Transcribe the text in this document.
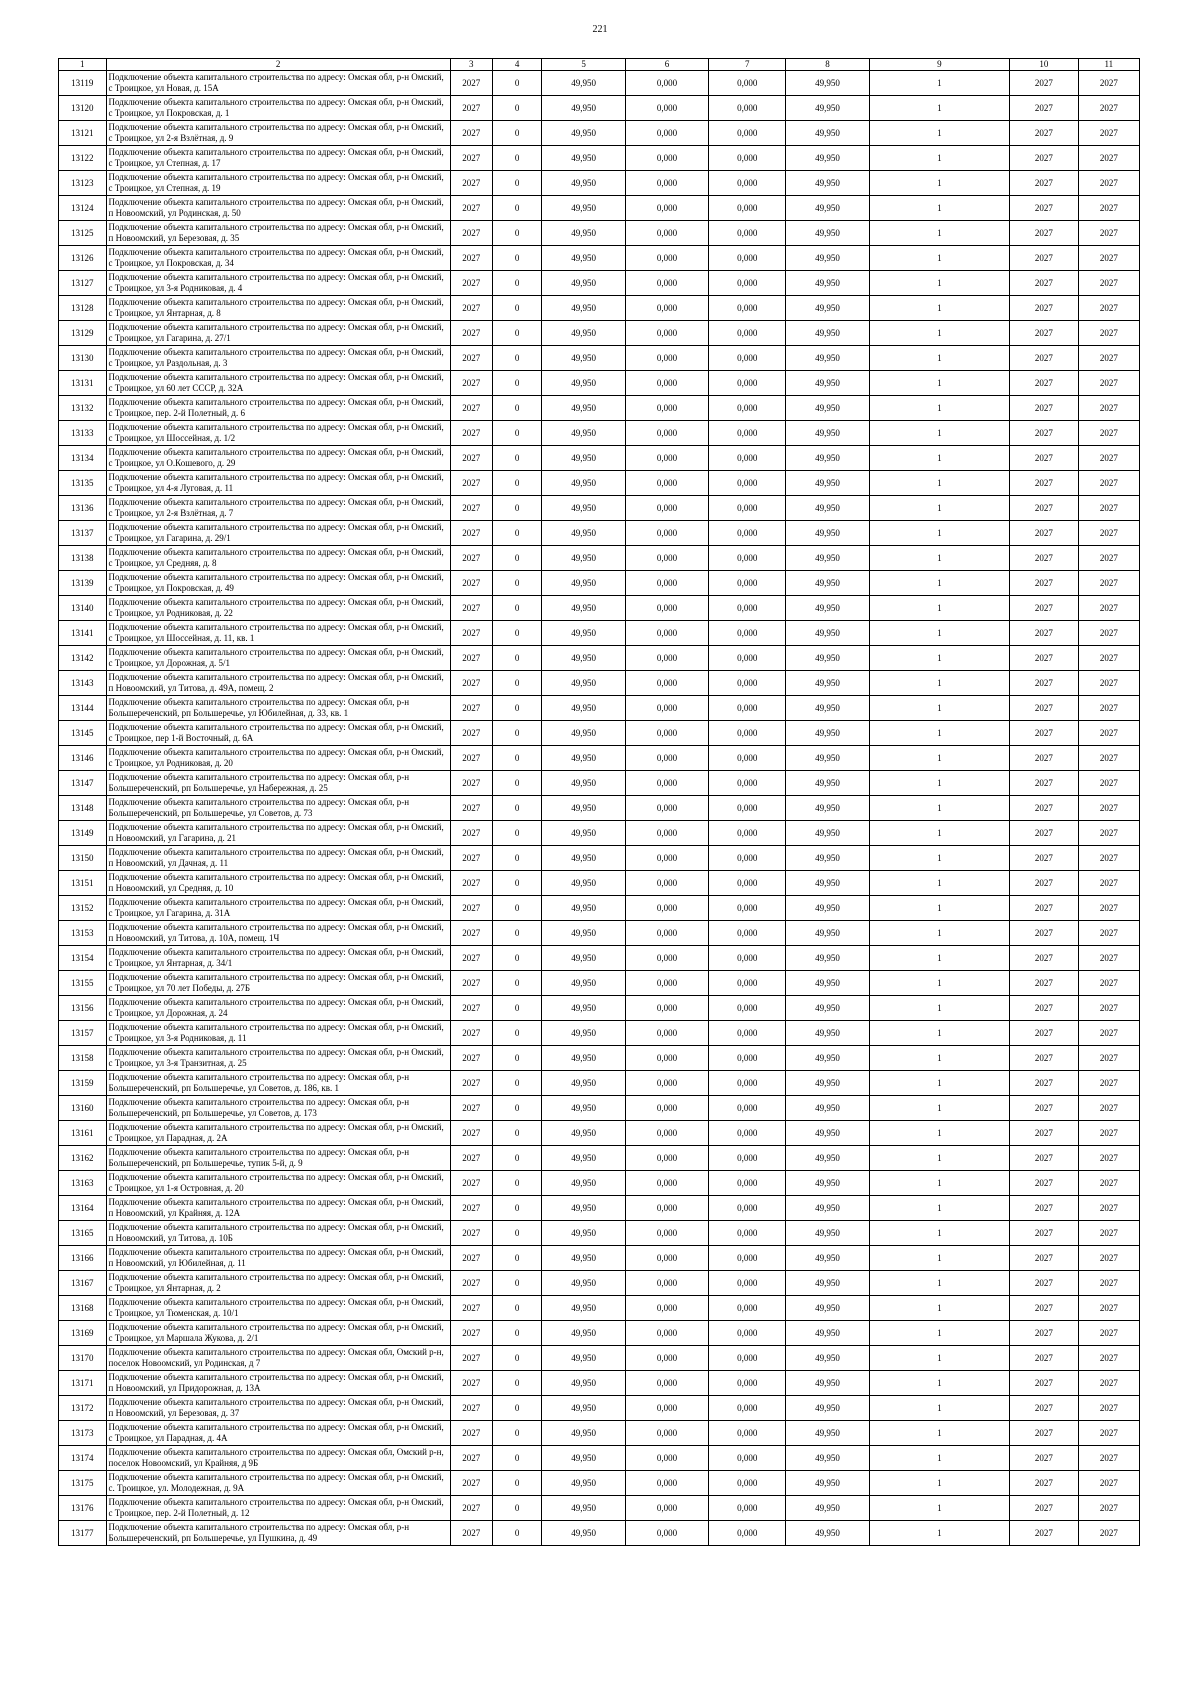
221
1	2	3	4	5	6	7	8	9	10	11
13119	Подключение объекта капитального строительства по адресу: Омская обл, р-н Омский, с Троицкое, ул Новая, д. 15А	2027	0	49,950	0,000	0,000	49,950	1	2027	2027
13120	Подключение объекта капитального строительства по адресу: Омская обл, р-н Омский, с Троицкое, ул Покровская, д. 1	2027	0	49,950	0,000	0,000	49,950	1	2027	2027
13121	Подключение объекта капитального строительства по адресу: Омская обл, р-н Омский, с Троицкое, ул 2-я Взлётная, д. 9	2027	0	49,950	0,000	0,000	49,950	1	2027	2027
13122	Подключение объекта капитального строительства по адресу: Омская обл, р-н Омский, с Троицкое, ул Степная, д. 17	2027	0	49,950	0,000	0,000	49,950	1	2027	2027
13123	Подключение объекта капитального строительства по адресу: Омская обл, р-н Омский, с Троицкое, ул Степная, д. 19	2027	0	49,950	0,000	0,000	49,950	1	2027	2027
13124	Подключение объекта капитального строительства по адресу: Омская обл, р-н Омский, п Новоомский, ул Родинская, д. 50	2027	0	49,950	0,000	0,000	49,950	1	2027	2027
13125	Подключение объекта капитального строительства по адресу: Омская обл, р-н Омский, п Новоомский, ул Березовая, д. 35	2027	0	49,950	0,000	0,000	49,950	1	2027	2027
13126	Подключение объекта капитального строительства по адресу: Омская обл, р-н Омский, с Троицкое, ул Покровская, д. 34	2027	0	49,950	0,000	0,000	49,950	1	2027	2027
13127	Подключение объекта капитального строительства по адресу: Омская обл, р-н Омский, с Троицкое, ул 3-я Родниковая, д. 4	2027	0	49,950	0,000	0,000	49,950	1	2027	2027
13128	Подключение объекта капитального строительства по адресу: Омская обл, р-н Омский, с Троицкое, ул Янтарная, д. 8	2027	0	49,950	0,000	0,000	49,950	1	2027	2027
13129	Подключение объекта капитального строительства по адресу: Омская обл, р-н Омский, с Троицкое, ул Гагарина, д. 27/1	2027	0	49,950	0,000	0,000	49,950	1	2027	2027
13130	Подключение объекта капитального строительства по адресу: Омская обл, р-н Омский, с Троицкое, ул Раздольная, д. 3	2027	0	49,950	0,000	0,000	49,950	1	2027	2027
13131	Подключение объекта капитального строительства по адресу: Омская обл, р-н Омский, с Троицкое, ул 60 лет СССР, д. 32А	2027	0	49,950	0,000	0,000	49,950	1	2027	2027
13132	Подключение объекта капитального строительства по адресу: Омская обл, р-н Омский, с Троицкое, пер. 2-й Полетный, д. 6	2027	0	49,950	0,000	0,000	49,950	1	2027	2027
13133	Подключение объекта капитального строительства по адресу: Омская обл, р-н Омский, с Троицкое, ул Шоссейная, д. 1/2	2027	0	49,950	0,000	0,000	49,950	1	2027	2027
13134	Подключение объекта капитального строительства по адресу: Омская обл, р-н Омский, с Троицкое, ул О.Кошевого, д. 29	2027	0	49,950	0,000	0,000	49,950	1	2027	2027
13135	Подключение объекта капитального строительства по адресу: Омская обл, р-н Омский, с Троицкое, ул 4-я Луговая, д. 11	2027	0	49,950	0,000	0,000	49,950	1	2027	2027
13136	Подключение объекта капитального строительства по адресу: Омская обл, р-н Омский, с Троицкое, ул 2-я Взлётная, д. 7	2027	0	49,950	0,000	0,000	49,950	1	2027	2027
13137	Подключение объекта капитального строительства по адресу: Омская обл, р-н Омский, с Троицкое, ул Гагарина, д. 29/1	2027	0	49,950	0,000	0,000	49,950	1	2027	2027
13138	Подключение объекта капитального строительства по адресу: Омская обл, р-н Омский, с Троицкое, ул Средняя, д. 8	2027	0	49,950	0,000	0,000	49,950	1	2027	2027
13139	Подключение объекта капитального строительства по адресу: Омская обл, р-н Омский, с Троицкое, ул Покровская, д. 49	2027	0	49,950	0,000	0,000	49,950	1	2027	2027
13140	Подключение объекта капитального строительства по адресу: Омская обл, р-н Омский, с Троицкое, ул Родниковая, д. 22	2027	0	49,950	0,000	0,000	49,950	1	2027	2027
13141	Подключение объекта капитального строительства по адресу: Омская обл, р-н Омский, с Троицкое, ул Шоссейная, д. 11, кв. 1	2027	0	49,950	0,000	0,000	49,950	1	2027	2027
13142	Подключение объекта капитального строительства по адресу: Омская обл, р-н Омский, с Троицкое, ул Дорожная, д. 5/1	2027	0	49,950	0,000	0,000	49,950	1	2027	2027
13143	Подключение объекта капитального строительства по адресу: Омская обл, р-н Омский, п Новоомский, ул Титова, д. 49А, помещ. 2	2027	0	49,950	0,000	0,000	49,950	1	2027	2027
13144	Подключение объекта капитального строительства по адресу: Омская обл, р-н Большереченский, рп Большеречье, ул Юбилейная, д. 33, кв. 1	2027	0	49,950	0,000	0,000	49,950	1	2027	2027
13145	Подключение объекта капитального строительства по адресу: Омская обл, р-н Омский, с Троицкое, пер 1-й Восточный, д. 6А	2027	0	49,950	0,000	0,000	49,950	1	2027	2027
13146	Подключение объекта капитального строительства по адресу: Омская обл, р-н Омский, с Троицкое, ул Родниковая, д. 20	2027	0	49,950	0,000	0,000	49,950	1	2027	2027
13147	Подключение объекта капитального строительства по адресу: Омская обл, р-н Большереченский, рп Большеречье, ул Набережная, д. 25	2027	0	49,950	0,000	0,000	49,950	1	2027	2027
13148	Подключение объекта капитального строительства по адресу: Омская обл, р-н Большереченский, рп Большеречье, ул Советов, д. 73	2027	0	49,950	0,000	0,000	49,950	1	2027	2027
13149	Подключение объекта капитального строительства по адресу: Омская обл, р-н Омский, п Новоомский, ул Гагарина, д. 21	2027	0	49,950	0,000	0,000	49,950	1	2027	2027
13150	Подключение объекта капитального строительства по адресу: Омская обл, р-н Омский, п Новоомский, ул Дачная, д. 11	2027	0	49,950	0,000	0,000	49,950	1	2027	2027
13151	Подключение объекта капитального строительства по адресу: Омская обл, р-н Омский, п Новоомский, ул Средняя, д. 10	2027	0	49,950	0,000	0,000	49,950	1	2027	2027
13152	Подключение объекта капитального строительства по адресу: Омская обл, р-н Омский, с Троицкое, ул Гагарина, д. 31А	2027	0	49,950	0,000	0,000	49,950	1	2027	2027
13153	Подключение объекта капитального строительства по адресу: Омская обл, р-н Омский, п Новоомский, ул Титова, д. 10А, помещ. 1Ч	2027	0	49,950	0,000	0,000	49,950	1	2027	2027
13154	Подключение объекта капитального строительства по адресу: Омская обл, р-н Омский, с Троицкое, ул Янтарная, д. 34/1	2027	0	49,950	0,000	0,000	49,950	1	2027	2027
13155	Подключение объекта капитального строительства по адресу: Омская обл, р-н Омский, с Троицкое, ул 70 лет Победы, д. 27Б	2027	0	49,950	0,000	0,000	49,950	1	2027	2027
13156	Подключение объекта капитального строительства по адресу: Омская обл, р-н Омский, с Троицкое, ул Дорожная, д. 24	2027	0	49,950	0,000	0,000	49,950	1	2027	2027
13157	Подключение объекта капитального строительства по адресу: Омская обл, р-н Омский, с Троицкое, ул 3-я Родниковая, д. 11	2027	0	49,950	0,000	0,000	49,950	1	2027	2027
13158	Подключение объекта капитального строительства по адресу: Омская обл, р-н Омский, с Троицкое, ул 3-я Транзитная, д. 25	2027	0	49,950	0,000	0,000	49,950	1	2027	2027
13159	Подключение объекта капитального строительства по адресу: Омская обл, р-н Большереченский, рп Большеречье, ул Советов, д. 186, кв. 1	2027	0	49,950	0,000	0,000	49,950	1	2027	2027
13160	Подключение объекта капитального строительства по адресу: Омская обл, р-н Большереченский, рп Большеречье, ул Советов, д. 173	2027	0	49,950	0,000	0,000	49,950	1	2027	2027
13161	Подключение объекта капитального строительства по адресу: Омская обл, р-н Омский, с Троицкое, ул Парадная, д. 2А	2027	0	49,950	0,000	0,000	49,950	1	2027	2027
13162	Подключение объекта капитального строительства по адресу: Омская обл, р-н Большереченский, рп Большеречье, тупик 5-й, д. 9	2027	0	49,950	0,000	0,000	49,950	1	2027	2027
13163	Подключение объекта капитального строительства по адресу: Омская обл, р-н Омский, с Троицкое, ул 1-я Островная, д. 20	2027	0	49,950	0,000	0,000	49,950	1	2027	2027
13164	Подключение объекта капитального строительства по адресу: Омская обл, р-н Омский, п Новоомский, ул Крайняя, д. 12А	2027	0	49,950	0,000	0,000	49,950	1	2027	2027
13165	Подключение объекта капитального строительства по адресу: Омская обл, р-н Омский, п Новоомский, ул Титова, д. 10Б	2027	0	49,950	0,000	0,000	49,950	1	2027	2027
13166	Подключение объекта капитального строительства по адресу: Омская обл, р-н Омский, п Новоомский, ул Юбилейная, д. 11	2027	0	49,950	0,000	0,000	49,950	1	2027	2027
13167	Подключение объекта капитального строительства по адресу: Омская обл, р-н Омский, с Троицкое, ул Янтарная, д. 2	2027	0	49,950	0,000	0,000	49,950	1	2027	2027
13168	Подключение объекта капитального строительства по адресу: Омская обл, р-н Омский, с Троицкое, ул Тюменская, д. 10/1	2027	0	49,950	0,000	0,000	49,950	1	2027	2027
13169	Подключение объекта капитального строительства по адресу: Омская обл, р-н Омский, с Троицкое, ул Маршала Жукова, д. 2/1	2027	0	49,950	0,000	0,000	49,950	1	2027	2027
13170	Подключение объекта капитального строительства по адресу: Омская обл, Омский р-н, поселок Новоомский, ул Родинская, д 7	2027	0	49,950	0,000	0,000	49,950	1	2027	2027
13171	Подключение объекта капитального строительства по адресу: Омская обл, р-н Омский, п Новоомский, ул Придорожная, д. 13А	2027	0	49,950	0,000	0,000	49,950	1	2027	2027
13172	Подключение объекта капитального строительства по адресу: Омская обл, р-н Омский, п Новоомский, ул Березовая, д. 37	2027	0	49,950	0,000	0,000	49,950	1	2027	2027
13173	Подключение объекта капитального строительства по адресу: Омская обл, р-н Омский, с Троицкое, ул Парадная, д. 4А	2027	0	49,950	0,000	0,000	49,950	1	2027	2027
13174	Подключение объекта капитального строительства по адресу: Омская обл, Омский р-н, поселок Новоомский, ул Крайняя, д 9Б	2027	0	49,950	0,000	0,000	49,950	1	2027	2027
13175	Подключение объекта капитального строительства по адресу: Омская обл, р-н Омский, с. Троицкое, ул. Молодежная, д. 9А	2027	0	49,950	0,000	0,000	49,950	1	2027	2027
13176	Подключение объекта капитального строительства по адресу: Омская обл, р-н Омский, с Троицкое, пер. 2-й Полетный, д. 12	2027	0	49,950	0,000	0,000	49,950	1	2027	2027
13177	Подключение объекта капитального строительства по адресу: Омская обл, р-н Большереченский, рп Большеречье, ул Пушкина, д. 49	2027	0	49,950	0,000	0,000	49,950	1	2027	2027
